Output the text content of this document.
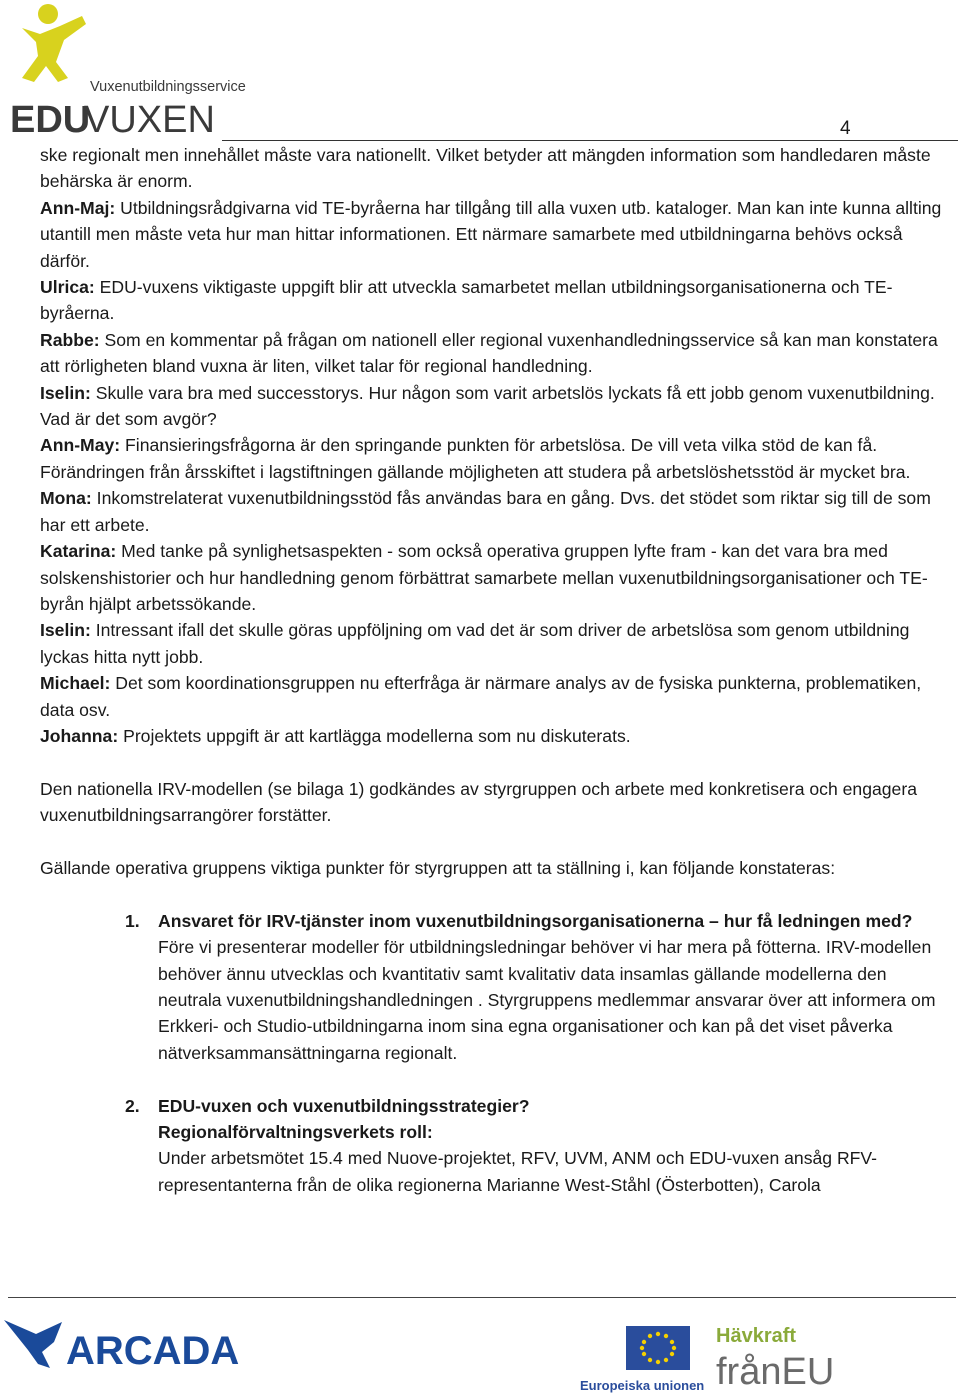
Vuxenutbildningsservice
EDU
VUXEN	4

ske regionalt men innehållet måste vara nationellt. Vilket betyder att mängden information som handledaren måste behärska är enorm.

Ann-Maj: Utbildningsrådgivarna vid TE-byråerna har tillgång till alla vuxen utb. kataloger. Man kan inte kunna allting utantill men måste veta hur man hittar informationen. Ett närmare samarbete med utbildningarna behövs också därför.

Ulrica: EDU-vuxens viktigaste uppgift blir att utveckla samarbetet mellan utbildningsorganisationerna och TE-byråerna.

Rabbe: Som en kommentar på frågan om nationell eller regional vuxenhandledningsservice så kan man konstatera att rörligheten bland vuxna är liten, vilket talar för regional handledning.

Iselin: Skulle vara bra med successtorys. Hur någon som varit arbetslös lyckats få ett jobb genom vuxenutbildning. Vad är det som avgör?

Ann-May: Finansieringsfrågorna är den springande punkten för arbetslösa. De vill veta vilka stöd de kan få. Förändringen från årsskiftet i lagstiftningen gällande möjligheten att studera på arbetslöshetsstöd är mycket bra.

Mona: Inkomstrelaterat vuxenutbildningsstöd fås användas bara en gång. Dvs. det stödet som riktar sig till de som har ett arbete.

Katarina: Med tanke på synlighetsaspekten - som också operativa gruppen lyfte fram - kan det vara bra med solskenshistorier och hur handledning genom förbättrat samarbete mellan vuxenutbildningsorganisationer och TE-byrån hjälpt arbetssökande.

Iselin: Intressant ifall det skulle göras uppföljning om vad det är som driver de arbetslösa som genom utbildning lyckas hitta nytt jobb.

Michael: Det som koordinationsgruppen nu efterfråga är närmare analys av de fysiska punkterna, problematiken, data osv.

Johanna: Projektets uppgift är att kartlägga modellerna som nu diskuterats.

Den nationella IRV-modellen (se bilaga 1) godkändes av styrgruppen och arbete med konkretisera och engagera vuxenutbildningsarrangörer forstätter.

Gällande operativa gruppens viktiga punkter för styrgruppen att ta ställning i, kan följande konstateras:

1. Ansvaret för IRV-tjänster inom vuxenutbildningsorganisationerna – hur få ledningen med?

Före vi presenterar modeller för utbildningsledningar behöver vi har mera på fötterna. IRV-modellen behöver ännu utvecklas och kvantitativ samt kvalitativ data insamlas gällande modellerna den neutrala vuxenutbildningshandledningen . Styrgruppens medlemmar ansvarar över att informera om Erkkeri- och Studio-utbildningarna inom sina egna organisationer och kan på det viset påverka nätverksammansättningarna regionalt.

2. EDU-vuxen och vuxenutbildningsstrategier?

Regionalförvaltningsverkets roll:

Under arbetsmötet 15.4 med Nuove-projektet, RFV, UVM, ANM och EDU-vuxen ansåg RFV-representanterna från de olika regionerna Marianne West-Ståhl (Österbotten), Carola

ARCADA
Europeiska unionen
Hävkraft
frånEU
